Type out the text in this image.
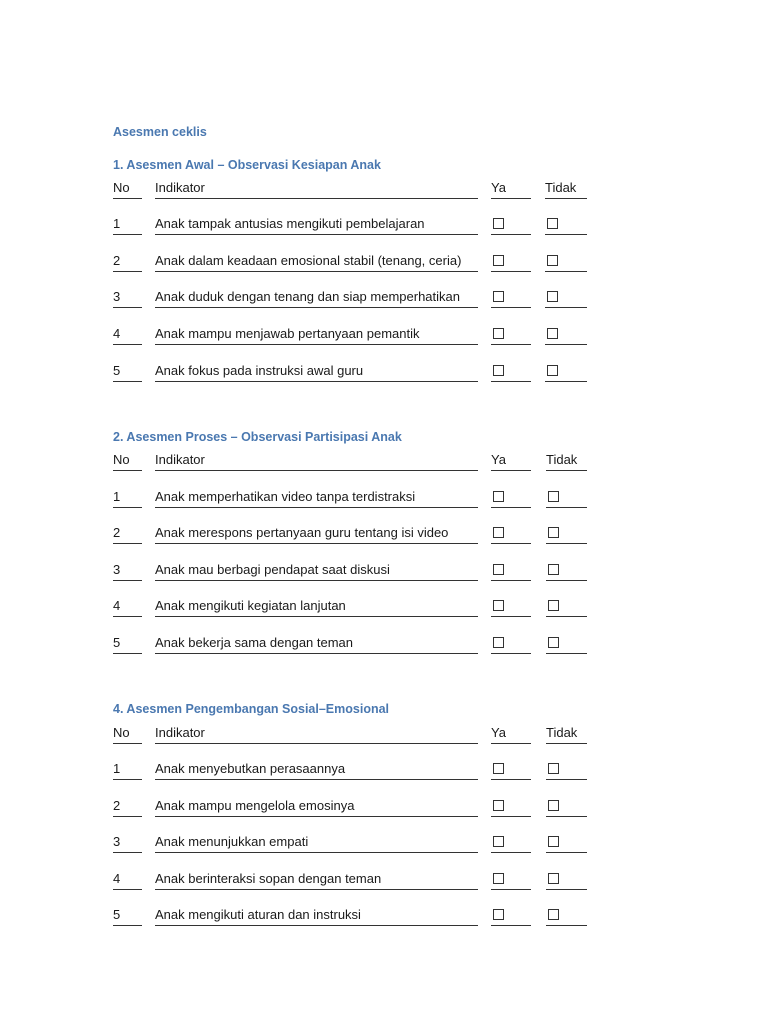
Asesmen ceklis
1. Asesmen Awal – Observasi Kesiapan Anak
No	Indikator	Ya	Tidak
1	Anak tampak antusias mengikuti pembelajaran
2	Anak dalam keadaan emosional stabil (tenang, ceria)
3	Anak duduk dengan tenang dan siap memperhatikan
4	Anak mampu menjawab pertanyaan pemantik
5	Anak fokus pada instruksi awal guru
2. Asesmen Proses – Observasi Partisipasi Anak
No	Indikator	Ya	Tidak
1	Anak memperhatikan video tanpa terdistraksi
2	Anak merespons pertanyaan guru tentang isi video
3	Anak mau berbagi pendapat saat diskusi
4	Anak mengikuti kegiatan lanjutan
5	Anak bekerja sama dengan teman
4. Asesmen Pengembangan Sosial–Emosional
No	Indikator	Ya	Tidak
1	Anak menyebutkan perasaannya
2	Anak mampu mengelola emosinya
3	Anak menunjukkan empati
4	Anak berinteraksi sopan dengan teman
5	Anak mengikuti aturan dan instruksi
